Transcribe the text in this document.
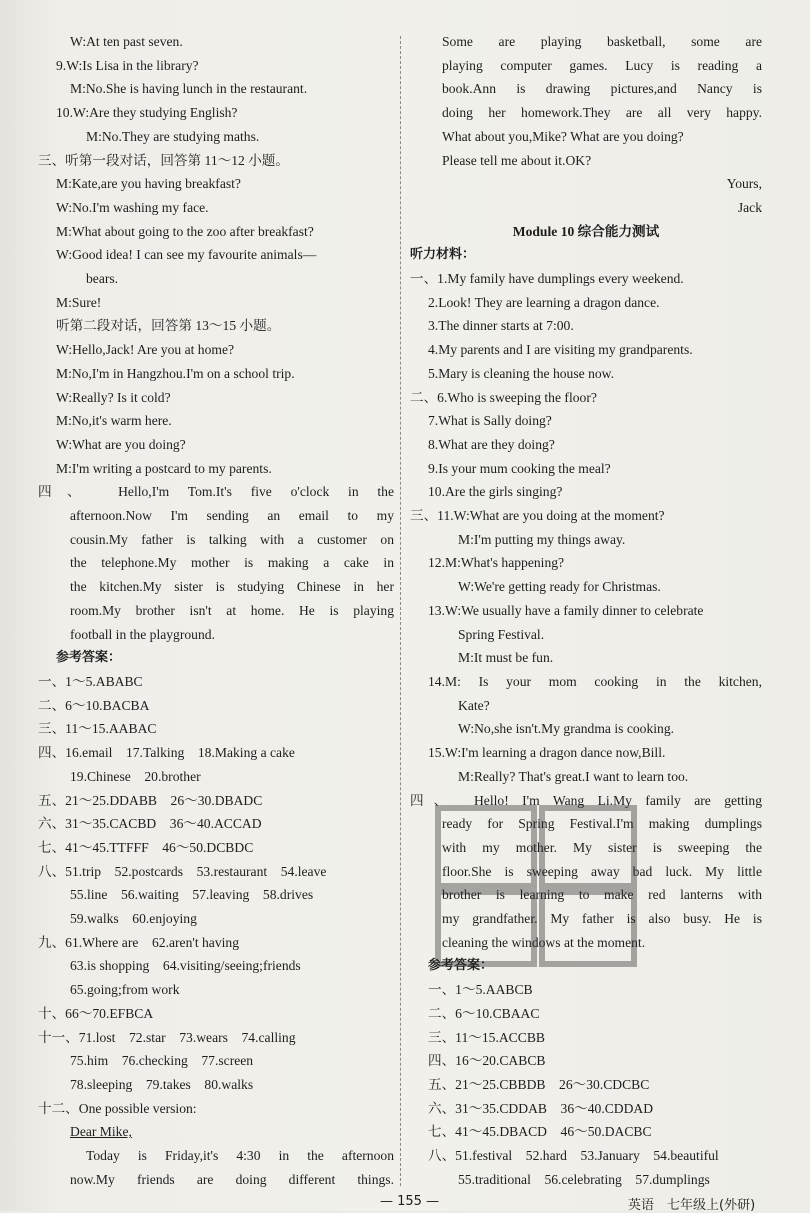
W:At ten past seven.
9.W:Is Lisa in the library?
M:No.She is having lunch in the restaurant.
10.W:Are they studying English?
M:No.They are studying maths.
三、听第一段对话，回答第 11～12 小题。
M:Kate,are you having breakfast?
W:No.I'm washing my face.
M:What about going to the zoo after breakfast?
W:Good idea! I can see my favourite animals—
bears.
M:Sure!
听第二段对话，回答第 13～15 小题。
W:Hello,Jack! Are you at home?
M:No,I'm in Hangzhou.I'm on a school trip.
W:Really? Is it cold?
M:No,it's warm here.
W:What are you doing?
M:I'm writing a postcard to my parents.
四、　Hello,I'm Tom.It's five o'clock in the
afternoon.Now I'm sending an email to my
cousin.My father is talking with a customer on
the telephone.My mother is making a cake in
the kitchen.My sister is studying Chinese in her
room.My brother isn't at home. He is playing
football in the playground.
参考答案：
一、1～5.ABABC
二、6～10.BACBA
三、11～15.AABAC
四、16.email　17.Talking　18.Making a cake
19.Chinese　20.brother
五、21～25.DDABB　26～30.DBADC
六、31～35.CACBD　36～40.ACCAD
七、41～45.TTFFF　46～50.DCBDC
八、51.trip　52.postcards　53.restaurant　54.leave
55.line　56.waiting　57.leaving　58.drives
59.walks　60.enjoying
九、61.Where are　62.aren't having
63.is shopping　64.visiting/seeing;friends
65.going;from work
十、66～70.EFBCA
十一、71.lost　72.star　73.wears　74.calling
75.him　76.checking　77.screen
78.sleeping　79.takes　80.walks
十二、One possible version:
Dear Mike,
Today is Friday,it's 4:30 in the afternoon
now.My friends are doing different things.
Some are playing basketball, some are
playing computer games. Lucy is reading a
book.Ann is drawing pictures,and Nancy is
doing her homework.They are all very happy.
What about you,Mike? What are you doing?
Please tell me about it.OK?
Yours,
Jack
Module 10 综合能力测试
听力材料：
一、1.My family have dumplings every weekend.
2.Look! They are learning a dragon dance.
3.The dinner starts at 7:00.
4.My parents and I are visiting my grandparents.
5.Mary is cleaning the house now.
二、6.Who is sweeping the floor?
7.What is Sally doing?
8.What are they doing?
9.Is your mum cooking the meal?
10.Are the girls singing?
三、11.W:What are you doing at the moment?
M:I'm putting my things away.
12.M:What's happening?
W:We're getting ready for Christmas.
13.W:We usually have a family dinner to celebrate
Spring Festival.
M:It must be fun.
14.M: Is your mom cooking in the kitchen,
Kate?
W:No,she isn't.My grandma is cooking.
15.W:I'm learning a dragon dance now,Bill.
M:Really? That's great.I want to learn too.
四、　Hello! I'm Wang Li.My family are getting
ready for Spring Festival.I'm making dumplings
with my mother. My sister is sweeping the
floor.She is sweeping away bad luck. My little
brother is learning to make red lanterns with
my grandfather. My father is also busy. He is
cleaning the windows at the moment.
参考答案：
一、1～5.AABCB
二、6～10.CBAAC
三、11～15.ACCBB
四、16～20.CABCB
五、21～25.CBBDB　26～30.CDCBC
六、31～35.CDDAB　36～40.CDDAD
七、41～45.DBACD　46～50.DACBC
八、51.festival　52.hard　53.January　54.beautiful
55.traditional　56.celebrating　57.dumplings
— 155 —	英语　七年级上(外研)
